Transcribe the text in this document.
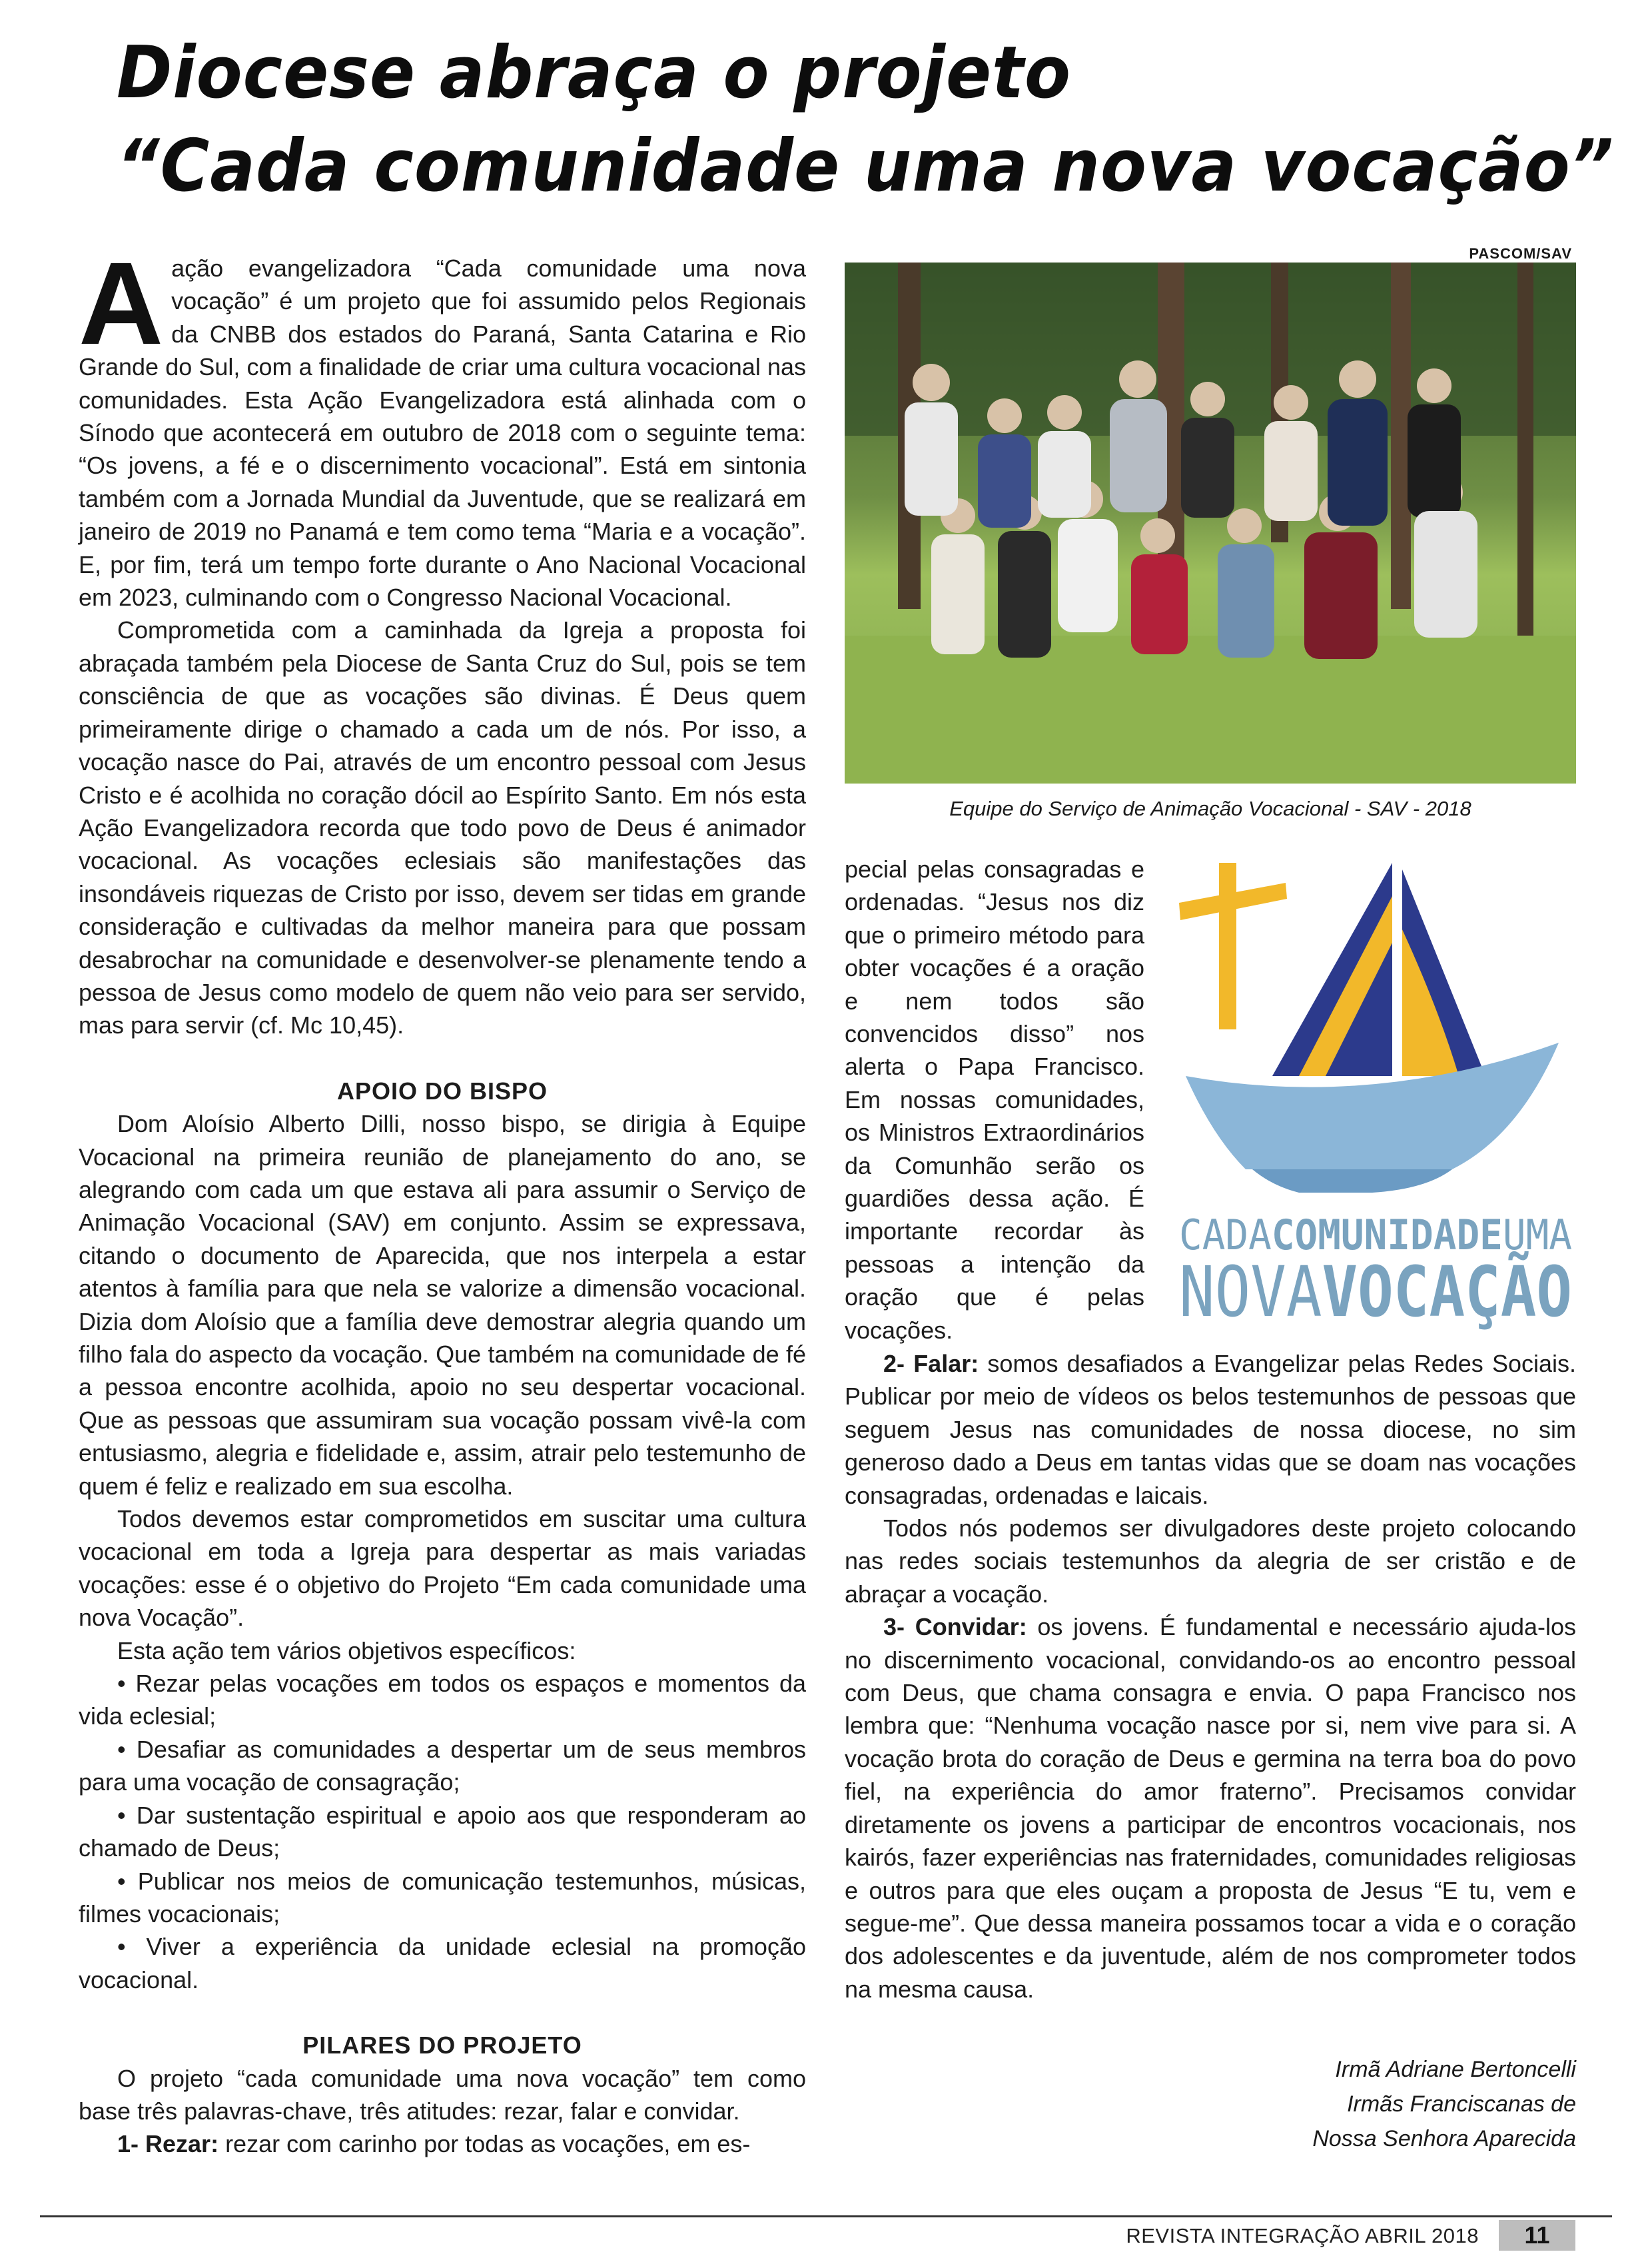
Diocese abraça o projeto
“Cada comunidade uma nova vocação”

Aação evangelizadora “Cada comunidade uma nova vocação” é um projeto que foi assumido pelos Regionais da CNBB dos estados do Paraná, Santa Catarina e Rio Grande do Sul, com a finalidade de criar uma cultura vocacional nas comunidades. Esta Ação Evangelizadora está alinhada com o Sínodo que acontecerá em outubro de 2018 com o seguinte tema: “Os jovens, a fé e o discernimento vocacional”. Está em sintonia também com a Jornada Mundial da Juventude, que se realizará em janeiro de 2019 no Panamá e tem como tema “Maria e a vocação”. E, por fim, terá um tempo forte durante o Ano Nacional Vocacional em 2023, culminando com o Congresso Nacional Vocacional.

Comprometida com a caminhada da Igreja a proposta foi abraçada também pela Diocese de Santa Cruz do Sul, pois se tem consciência de que as vocações são divinas. É Deus quem primeiramente dirige o chamado a cada um de nós. Por isso, a vocação nasce do Pai, através de um encontro pessoal com Jesus Cristo e é acolhida no coração dócil ao Espírito Santo. Em nós esta Ação Evangelizadora recorda que todo povo de Deus é animador vocacional. As vocações eclesiais são manifestações das insondáveis riquezas de Cristo por isso, devem ser tidas em grande consideração e cultivadas da melhor maneira para que possam desabrochar na comunidade e desenvolver-se plenamente tendo a pessoa de Jesus como modelo de quem não veio para ser servido, mas para servir (cf. Mc 10,45).

APOIO DO BISPO

Dom Aloísio Alberto Dilli, nosso bispo, se dirigia à Equipe Vocacional na primeira reunião de planejamento do ano, se alegrando com cada um que estava ali para assumir o Serviço de Animação Vocacional (SAV) em conjunto. Assim se expressava, citando o documento de Aparecida, que nos interpela a estar atentos à família para que nela se valorize a dimensão vocacional. Dizia dom Aloísio que a família deve demostrar alegria quando um filho fala do aspecto da vocação. Que também na comunidade de fé a pessoa encontre acolhida, apoio no seu despertar vocacional. Que as pessoas que assumiram sua vocação possam vivê-la com entusiasmo, alegria e fidelidade e, assim, atrair pelo testemunho de quem é feliz e realizado em sua escolha.

Todos devemos estar comprometidos em suscitar uma cultura vocacional em toda a Igreja para despertar as mais variadas vocações: esse é o objetivo do Projeto “Em cada comunidade uma nova Vocação”.

Esta ação tem vários objetivos específicos:

• Rezar pelas vocações em todos os espaços e momentos da vida eclesial;

• Desafiar as comunidades a despertar um de seus membros para uma vocação de consagração;

• Dar sustentação espiritual e apoio aos que responderam ao chamado de Deus;

• Publicar nos meios de comunicação testemunhos, músicas, filmes vocacionais;

• Viver a experiência da unidade eclesial na promoção vocacional.

PILARES DO PROJETO

O projeto “cada comunidade uma nova vocação” tem como base três palavras-chave, três atitudes: rezar, falar e convidar.

1- Rezar: rezar com carinho por todas as vocações, em es-

PASCOM/SAV
Equipe do Serviço de Animação Vocacional - SAV - 2018

pecial pelas consagradas e ordenadas. “Jesus nos diz que o primeiro método para obter vocações é a oração e nem todos são convencidos disso” nos alerta o Papa Francisco. Em nossas comunidades, os Ministros Extraordinários da Comunhão serão os guardiões dessa ação. É importante recordar às pessoas a intenção da oração que é pelas vocações.

CADACOMUNIDADEUMA
NOVAVOCAÇÃO

2- Falar: somos desafiados a Evangelizar pelas Redes Sociais. Publicar por meio de vídeos os belos testemunhos de pessoas que seguem Jesus nas comunidades de nossa diocese, no sim generoso dado a Deus em tantas vidas que se doam nas vocações consagradas, ordenadas e laicais.

Todos nós podemos ser divulgadores deste projeto colocando nas redes sociais testemunhos da alegria de ser cristão e de abraçar a vocação.

3- Convidar: os jovens. É fundamental e necessário ajuda-los no discernimento vocacional, convidando-os ao encontro pessoal com Deus, que chama consagra e envia. O papa Francisco nos lembra que: “Nenhuma vocação nasce por si, nem vive para si. A vocação brota do coração de Deus e germina na terra boa do povo fiel, na experiência do amor fraterno”. Precisamos convidar diretamente os jovens a participar de encontros vocacionais, nos kairós, fazer experiências nas fraternidades, comunidades religiosas e outros para que eles ouçam a proposta de Jesus “E tu, vem e segue-me”. Que dessa maneira possamos tocar a vida e o coração dos adolescentes e da juventude, além de nos comprometer todos na mesma causa.

Irmã Adriane Bertoncelli
Irmãs Franciscanas de
Nossa Senhora Aparecida
REVISTA INTEGRAÇÃO ABRIL 2018	11
